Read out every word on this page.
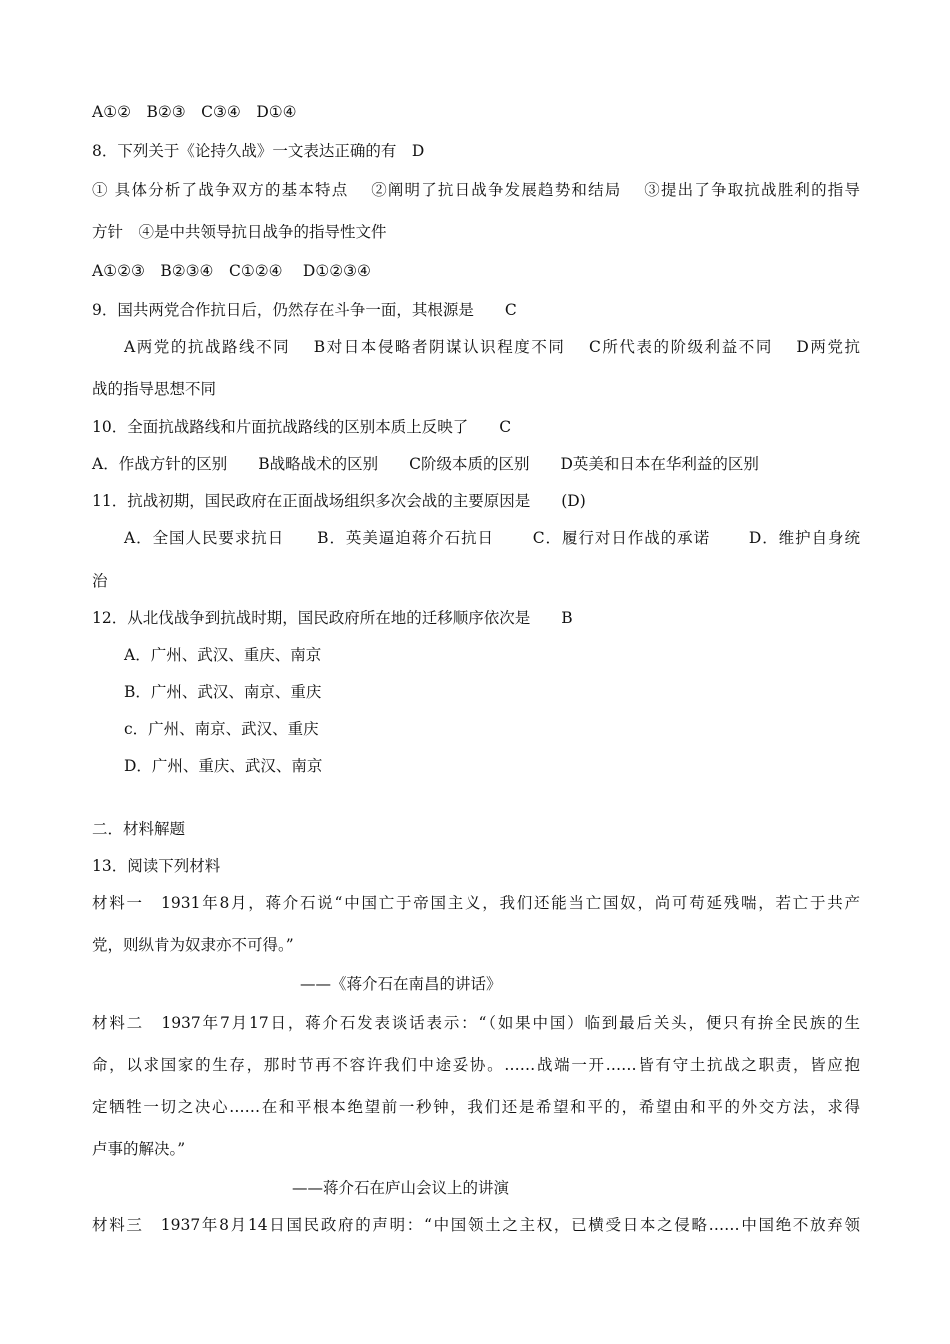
A①②　B②③　C③④　D①④
8．下列关于《论持久战》一文表达正确的有　D
① 具体分析了战争双方的基本特点　 ②阐明了抗日战争发展趋势和结局　 ③提出了争取抗战胜利的指导
方针　④是中共领导抗日战争的指导性文件
A①②③　B②③④　C①②④　 D①②③④
9．国共两党合作抗日后，仍然存在斗争一面，其根源是　　C
A两党的抗战路线不同　 B对日本侵略者阴谋认识程度不同　 C所代表的阶级利益不同　 D两党抗
战的指导思想不同
10．全面抗战路线和片面抗战路线的区别本质上反映了　　C
A．作战方针的区别　　B战略战术的区别　　C阶级本质的区别　　D英美和日本在华利益的区别
11．抗战初期，国民政府在正面战场组织多次会战的主要原因是　　(D)
A．全国人民要求抗日　　B．英美逼迫蒋介石抗日　　 C．履行对日作战的承诺　　 D．维护自身统
治
12．从北伐战争到抗战时期，国民政府所在地的迁移顺序依次是　　B
A．广州、武汉、重庆、南京
B．广州、武汉、南京、重庆
c．广州、南京、武汉、重庆
D．广州、重庆、武汉、南京
二．材料解题
13．阅读下列材料
材料一　1931年8月，蒋介石说“中国亡于帝国主义，我们还能当亡国奴，尚可苟延残喘，若亡于共产
党，则纵肯为奴隶亦不可得。”
——《蒋介石在南昌的讲话》
材料二　1937年7月17日，蒋介石发表谈话表示：“（如果中国）临到最后关头，便只有拚全民族的生
命，以求国家的生存，那时节再不容许我们中途妥协。……战端一开……皆有守土抗战之职责，皆应抱
定牺牲一切之决心……在和平根本绝望前一秒钟，我们还是希望和平的，希望由和平的外交方法，求得
卢事的解决。”
——蒋介石在庐山会议上的讲演
材料三　1937年8月14日国民政府的声明：“中国领土之主权，已横受日本之侵略……中国绝不放弃领
